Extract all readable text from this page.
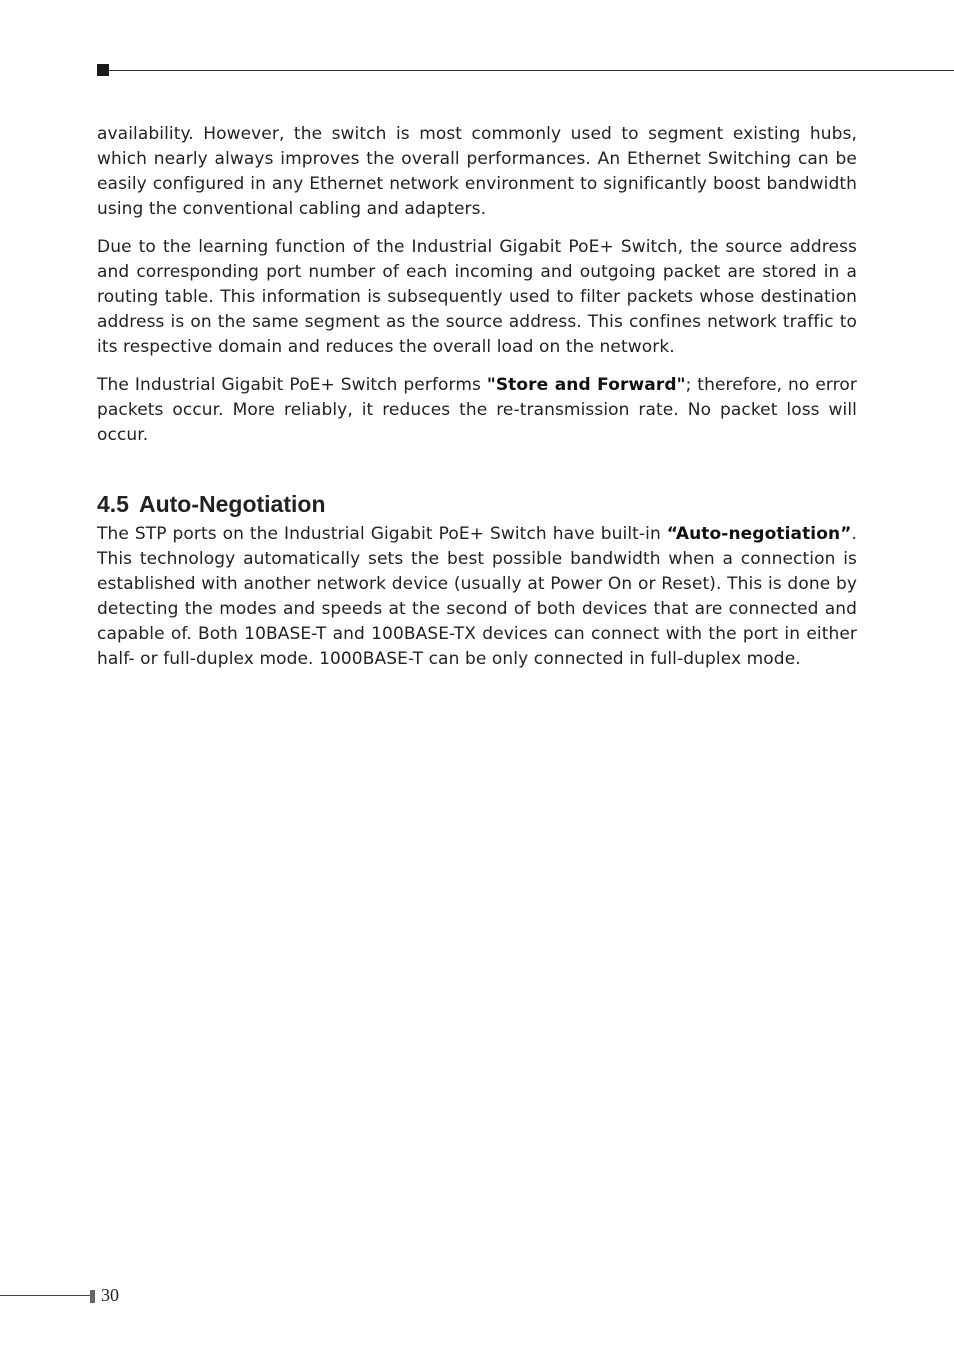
availability. However, the switch is most commonly used to segment existing hubs, which nearly always improves the overall performances. An Ethernet Switching can be easily configured in any Ethernet network environment to significantly boost bandwidth using the conventional cabling and adapters.

Due to the learning function of the Industrial Gigabit PoE+ Switch, the source address and corresponding port number of each incoming and outgoing packet are stored in a routing table. This information is subsequently used to filter packets whose destination address is on the same segment as the source address. This confines network traffic to its respective domain and reduces the overall load on the network.

The Industrial Gigabit PoE+ Switch performs "Store and Forward"; therefore, no error packets occur. More reliably, it reduces the re-transmission rate. No packet loss will occur.

4.5 Auto-Negotiation

The STP ports on the Industrial Gigabit PoE+ Switch have built-in “Auto-negotiation”. This technology automatically sets the best possible bandwidth when a connection is established with another network device (usually at Power On or Reset). This is done by detecting the modes and speeds at the second of both devices that are connected and capable of. Both 10BASE-T and 100BASE-TX devices can connect with the port in either half- or full-duplex mode. 1000BASE-T can be only connected in full-duplex mode.

30
